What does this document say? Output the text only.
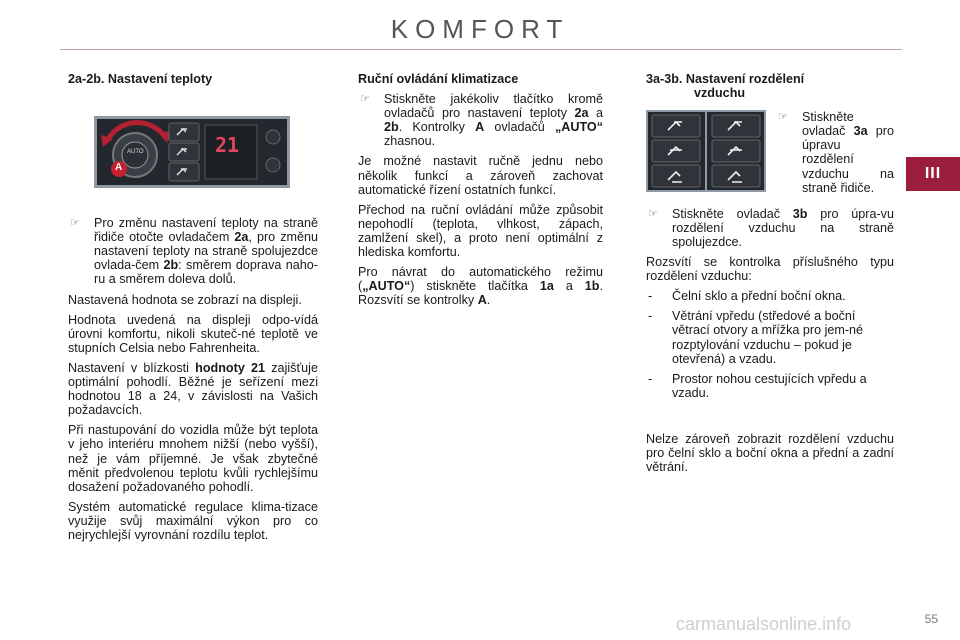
KOMFORT
III
2a-2b. Nastavení teploty
☞	Pro změnu nastavení teploty na straně řidiče otočte ovladačem 2a, pro změnu nastavení teploty na straně spolujezdce ovlada-čem 2b: směrem doprava naho-ru a směrem doleva dolů.

Nastavená hodnota se zobrazí na displeji.

Hodnota uvedená na displeji odpo-vídá úrovni komfortu, nikoli skuteč-né teplotě ve stupních Celsia nebo Fahrenheita.

Nastavení v blízkosti hodnoty 21 zajišťuje optimální pohodlí. Běžné je seřízení mezi hodnotou 18 a 24, v závislosti na Vašich požadavcích.

Při nastupování do vozidla může být teplota v jeho interiéru mnohem nižší (nebo vyšší), než je vám příjemné. Je však zbytečné měnit předvolenou teplotu kvůli rychlejšímu dosažení požadovaného pohodlí.

Systém automatické regulace klima-tizace využije svůj maximální výkon pro co nejrychlejší vyrovnání rozdílu teplot.

AUTO	21
A
Ruční ovládání klimatizace
☞	Stiskněte jakékoliv tlačítko kromě ovladačů pro nastavení teploty 2a a 2b. Kontrolky A ovladačů „AUTO“ zhasnou.

Je možné nastavit ručně jednu nebo několik funkcí a zároveň zachovat automatické řízení ostatních funkcí.

Přechod na ruční ovládání může způsobit nepohodlí (teplota, vlhkost, zápach, zamlžení skel), a proto není optimální z hlediska komfortu.

Pro návrat do automatického režimu („AUTO“) stiskněte tlačítka 1a a 1b. Rozsvítí se kontrolky A.

3a-3b. Nastavení rozdělení
vzduchu
☞	Stiskněte ovladač 3a pro úpravu rozdělení vzduchu na straně řidiče.
☞	Stiskněte ovladač 3b pro úpra-vu rozdělení vzduchu na straně spolujezdce.

Rozsvítí se kontrolka příslušného typu rozdělení vzduchu:

-	Čelní sklo a přední boční okna.
-	Větrání vpředu (středové a boční větrací otvory a mřížka pro jem-né rozptylování vzduchu – pokud je otevřená) a vzadu.
-	Prostor nohou cestujících vpředu a vzadu.

Nelze zároveň zobrazit rozdělení vzduchu pro čelní sklo a boční okna a přední a zadní větrání.

carmanualsonline.info	55
